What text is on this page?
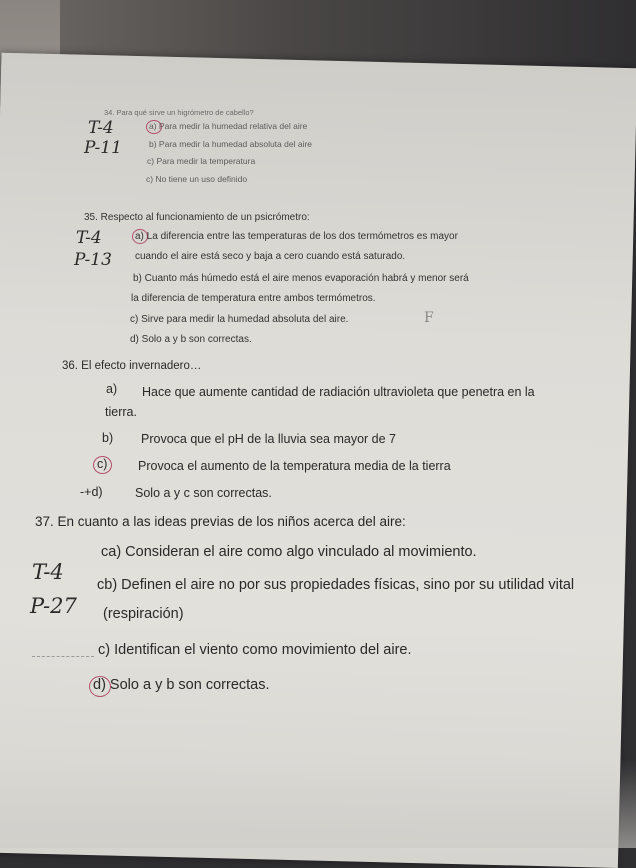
34. Para qué sirve un higrómetro de cabello?
T-4
P-11
a) Para medir la humedad relativa del aire
b) Para medir la humedad absoluta del aire
c) Para medir la temperatura
c) No tiene un uso definido
35. Respecto al funcionamiento de un psicrómetro:
T-4
P-13
a) La diferencia entre las temperaturas de los dos termómetros es mayor
cuando el aire está seco y baja a cero cuando está saturado.
b) Cuanto más húmedo está el aire menos evaporación habrá y menor será
la diferencia de temperatura entre ambos termómetros.
c) Sirve para medir la humedad absoluta del aire.	F
d) Solo a y b son correctas.
36. El efecto invernadero…
a) Hace que aumente cantidad de radiación ultravioleta que penetra en la
tierra.
b) Provoca que el pH de la lluvia sea mayor de 7
c) Provoca el aumento de la temperatura media de la tierra
-+d)	Solo a y c son correctas.
37. En cuanto a las ideas previas de los niños acerca del aire:
ca) Consideran el aire como algo vinculado al movimiento.
T-4
cb) Definen el aire no por sus propiedades físicas, sino por su utilidad vital
P-27 (respiración)
c) Identifican el viento como movimiento del aire.
d) Solo a y b son correctas.
